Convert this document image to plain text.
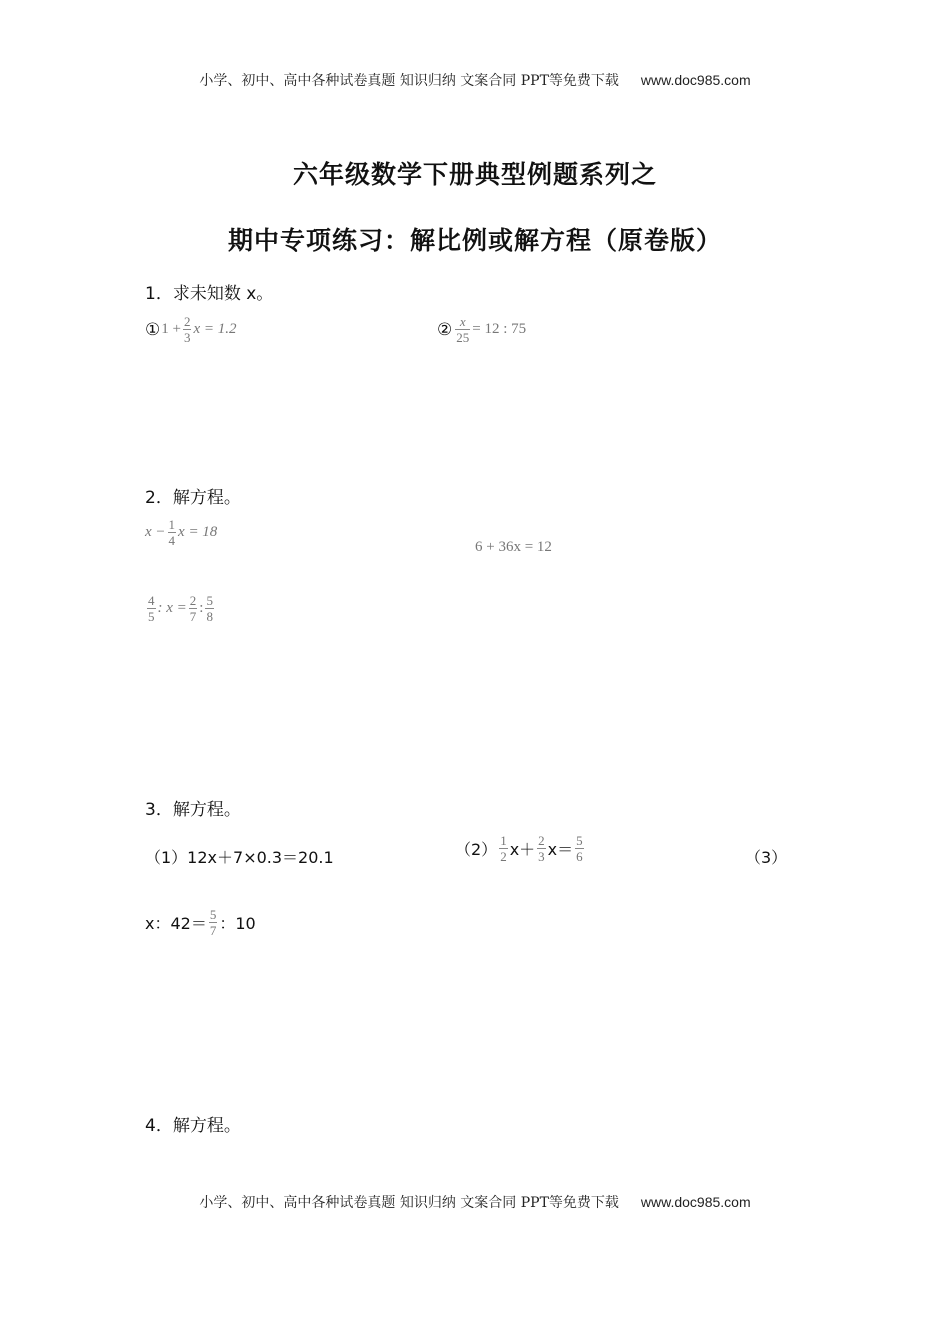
小学、初中、高中各种试卷真题 知识归纳 文案合同 PPT等免费下载 www.doc985.com
六年级数学下册典型例题系列之
期中专项练习：解比例或解方程（原卷版）
1．求未知数 x。
① $1 + \frac{2}{3}$ x = 1.2	② $\frac{x}{25} = 12$ : 75
2．解方程。
$x - \frac{1}{4}$ x = 18
6 + 36x = 12
$\frac{4}{5}$ : $x = \frac{2}{7}$ : $\frac{5}{8}$
3．解方程。
（1）12x＋7×0.3＝20.1	$(2) \frac{1}{2} x+ \frac{2}{3} x= \frac{5}{6}$	（3）
x：$42= \frac{5}{7}$ ：10
4．解方程。
小学、初中、高中各种试卷真题 知识归纳 文案合同 PPT等免费下载 www.doc985.com
